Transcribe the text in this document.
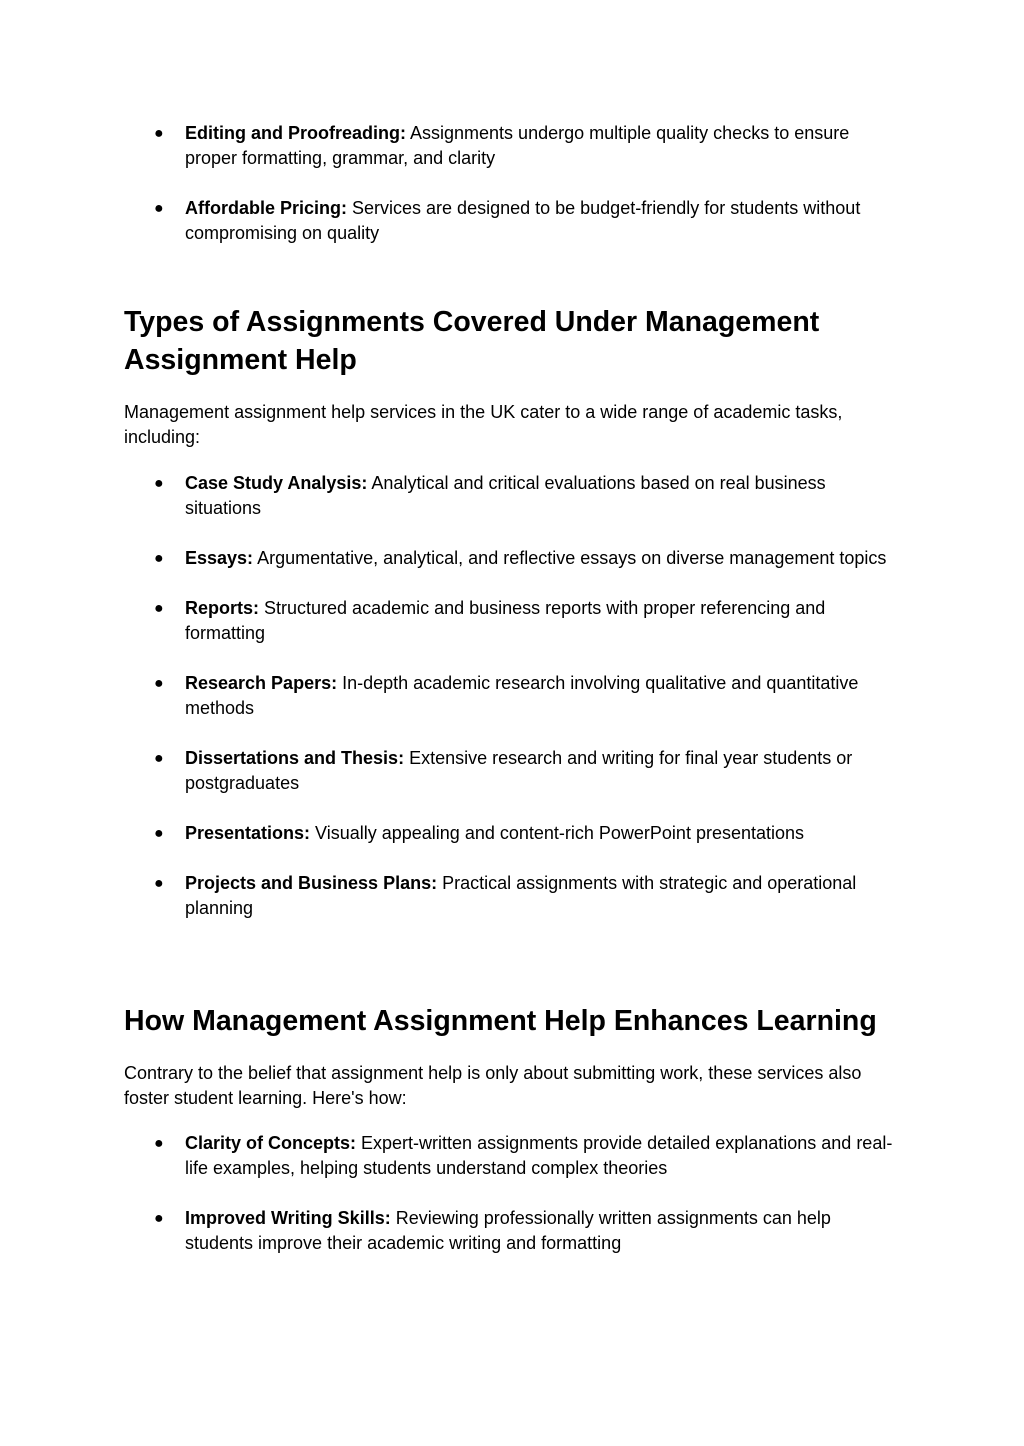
● Editing and Proofreading: Assignments undergo multiple quality checks to ensure proper formatting, grammar, and clarity
● Affordable Pricing: Services are designed to be budget-friendly for students without compromising on quality
Types of Assignments Covered Under Management Assignment Help

Management assignment help services in the UK cater to a wide range of academic tasks, including:

● Case Study Analysis: Analytical and critical evaluations based on real business situations
● Essays: Argumentative, analytical, and reflective essays on diverse management topics
● Reports: Structured academic and business reports with proper referencing and formatting
● Research Papers: In-depth academic research involving qualitative and quantitative methods
● Dissertations and Thesis: Extensive research and writing for final year students or postgraduates
● Presentations: Visually appealing and content-rich PowerPoint presentations
● Projects and Business Plans: Practical assignments with strategic and operational planning
How Management Assignment Help Enhances Learning

Contrary to the belief that assignment help is only about submitting work, these services also foster student learning. Here's how:

● Clarity of Concepts: Expert-written assignments provide detailed explanations and real-life examples, helping students understand complex theories
● Improved Writing Skills: Reviewing professionally written assignments can help students improve their academic writing and formatting
